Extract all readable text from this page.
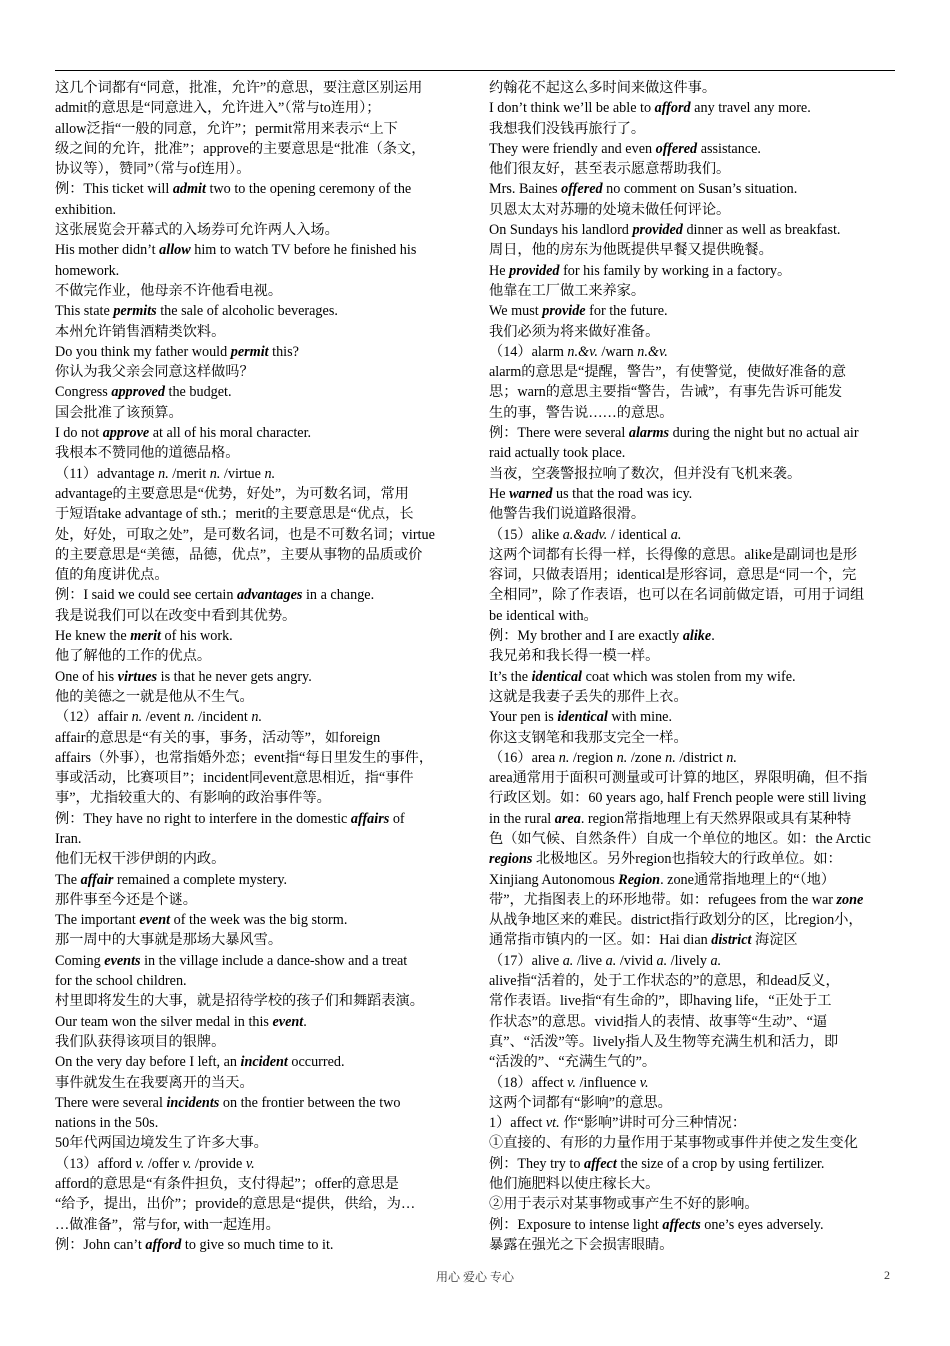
这几个词都有“同意，批准，允许”的意思，要注意区别运用
admit的意思是“同意进入，允许进入”（常与to连用）；
allow泛指“一般的同意，允许”；permit常用来表示“上下
级之间的允许，批准”；approve的主要意思是“批准（条文，
协议等），赞同”（常与of连用）。
例：This ticket will admit two to the opening ceremony of the
exhibition.
这张展览会开幕式的入场券可允许两人入场。
His mother didn’t allow him to watch TV before he finished his
homework.
不做完作业，他母亲不许他看电视。
This state permits the sale of alcoholic beverages.
本州允许销售酒精类饮料。
Do you think my father would permit this?
你认为我父亲会同意这样做吗？
Congress approved the budget.
国会批准了该预算。
I do not approve at all of his moral character.
我根本不赞同他的道德品格。
（11）advantage n. /merit n. /virtue n.
advantage的主要意思是“优势，好处”，为可数名词，常用
于短语take advantage of sth.；merit的主要意思是“优点，长
处，好处，可取之处”，是可数名词，也是不可数名词；virtue
的主要意思是“美德，品德，优点”，主要从事物的品质或价
值的角度讲优点。
例：I said we could see certain advantages in a change.
我是说我们可以在改变中看到其优势。
He knew the merit of his work.
他了解他的工作的优点。
One of his virtues is that he never gets angry.
他的美德之一就是他从不生气。
（12）affair n. /event n. /incident n.
affair的意思是“有关的事，事务，活动等”，如foreign
affairs（外事），也常指婚外恋；event指“每日里发生的事件，
事或活动，比赛项目”；incident同event意思相近，指“事件
事”，尤指较重大的、有影响的政治事件等。
例：They have no right to interfere in the domestic affairs of
Iran.
他们无权干涉伊朗的内政。
The affair remained a complete mystery.
那件事至今还是个谜。
The important event of the week was the big storm.
那一周中的大事就是那场大暴风雪。
Coming events in the village include a dance-show and a treat
for the school children.
村里即将发生的大事，就是招待学校的孩子们和舞蹈表演。
Our team won the silver medal in this event.
我们队获得该项目的银牌。
On the very day before I left, an incident occurred.
事件就发生在我要离开的当天。
There were several incidents on the frontier between the two
nations in the 50s.
50年代两国边境发生了许多大事。
（13）afford v. /offer v. /provide v.
afford的意思是“有条件担负，支付得起”；offer的意思是
“给予，提出，出价”；provide的意思是“提供，供给，为…
…做准备”，常与for, with一起连用。
例：John can’t afford to give so much time to it.
约翰花不起这么多时间来做这件事。
I don’t think we’ll be able to afford any travel any more.
我想我们没钱再旅行了。
They were friendly and even offered assistance.
他们很友好，甚至表示愿意帮助我们。
Mrs. Baines offered no comment on Susan’s situation.
贝恩太太对苏珊的处境未做任何评论。
On Sundays his landlord provided dinner as well as breakfast.
周日，他的房东为他既提供早餐又提供晚餐。
He provided for his family by working in a factory。
他靠在工厂做工来养家。
We must provide for the future.
我们必须为将来做好准备。
（14）alarm n.&v. /warn n.&v.
alarm的意思是“提醒，警告”，有使警觉，使做好准备的意
思；warn的意思主要指“警告，告诫”，有事先告诉可能发
生的事，警告说……的意思。
例：There were several alarms during the night but no actual air
raid actually took place.
当夜，空袭警报拉响了数次，但并没有飞机来袭。
He warned us that the road was icy.
他警告我们说道路很滑。
（15）alike a.&adv. / identical a.
这两个词都有长得一样，长得像的意思。alike是副词也是形
容词，只做表语用；identical是形容词，意思是“同一个，完
全相同”，除了作表语，也可以在名词前做定语，可用于词组
be identical with。
例：My brother and I are exactly alike.
我兄弟和我长得一模一样。
It’s the identical coat which was stolen from my wife.
这就是我妻子丢失的那件上衣。
Your pen is identical with mine.
你这支钢笔和我那支完全一样。
（16）area n. /region n. /zone n. /district n.
area通常用于面积可测量或可计算的地区，界限明确，但不指
行政区划。如：60 years ago, half French people were still living
in the rural area. region常指地理上有天然界限或具有某种特
色（如气候、自然条件）自成一个单位的地区。如：the Arctic
regions 北极地区。另外region也指较大的行政单位。如：
Xinjiang Autonomous Region. zone通常指地理上的“（地）
带”，尤指图表上的环形地带。如：refugees from the war zone
从战争地区来的难民。district指行政划分的区，比region小，
通常指市镇内的一区。如：Hai dian district 海淀区
（17）alive a. /live a. /vivid a. /lively a.
alive指“活着的，处于工作状态的”的意思，和dead反义，
常作表语。live指“有生命的”，即having life，“正处于工
作状态”的意思。vivid指人的表情、故事等“生动”、“逼
真”、“活泼”等。lively指人及生物等充满生机和活力，即
“活泼的”、“充满生气的”。
（18）affect v. /influence v.
这两个词都有“影响”的意思。
1）affect vt. 作“影响”讲时可分三种情况：
①直接的、有形的力量作用于某事物或事件并使之发生变化
例：They try to affect the size of a crop by using fertilizer.
他们施肥料以使庄稼长大。
②用于表示对某事物或事产生不好的影响。
例：Exposure to intense light affects one’s eyes adversely.
暴露在强光之下会损害眼睛。
用心 爱心 专心	2
